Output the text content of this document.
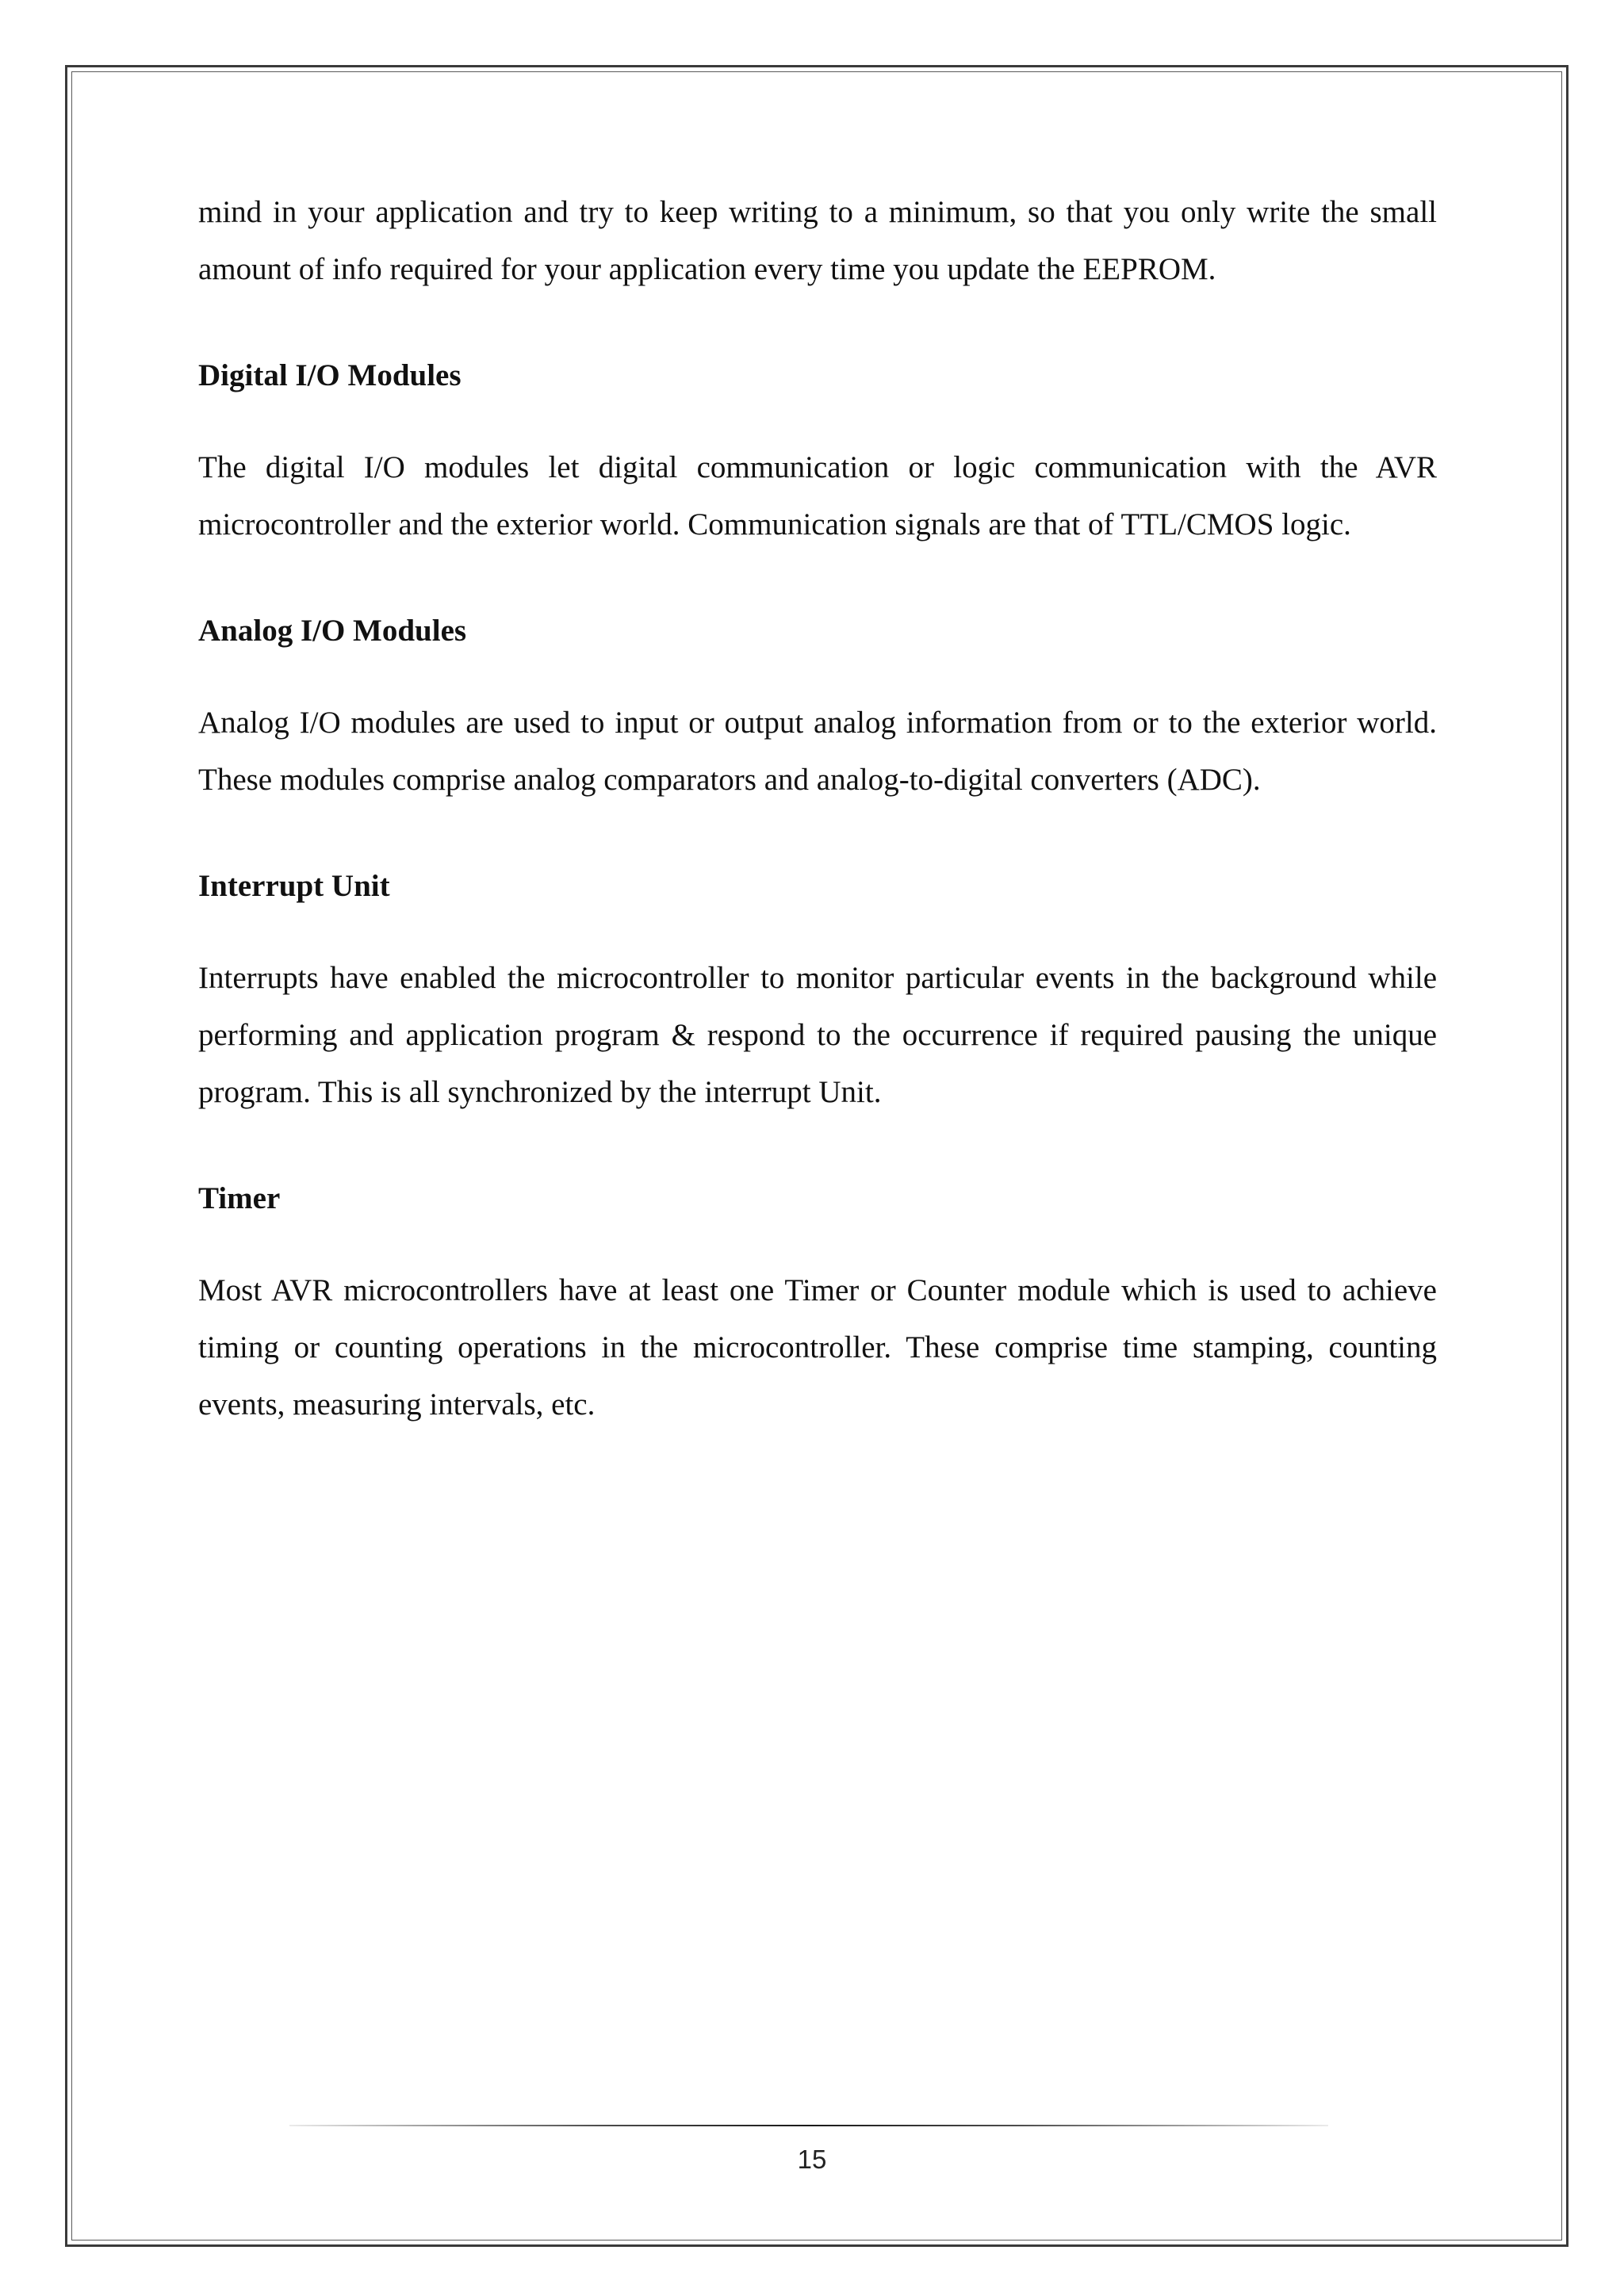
mind in your application and try to keep writing to a minimum, so that you only write the small amount of info required for your application every time you update the EEPROM.

Digital I/O Modules

The digital I/O modules let digital communication or logic communication with the AVR microcontroller and the exterior world. Communication signals are that of TTL/CMOS logic.

Analog I/O Modules

Analog I/O modules are used to input or output analog information from or to the exterior world. These modules comprise analog comparators and analog-to-digital converters (ADC).

Interrupt Unit

Interrupts have enabled the microcontroller to monitor particular events in the background while performing and application program & respond to the occurrence if required pausing the unique program. This is all synchronized by the interrupt Unit.

Timer

Most AVR microcontrollers have at least one Timer or Counter module which is used to achieve timing or counting operations in the microcontroller. These comprise time stamping, counting events, measuring intervals, etc.

15
